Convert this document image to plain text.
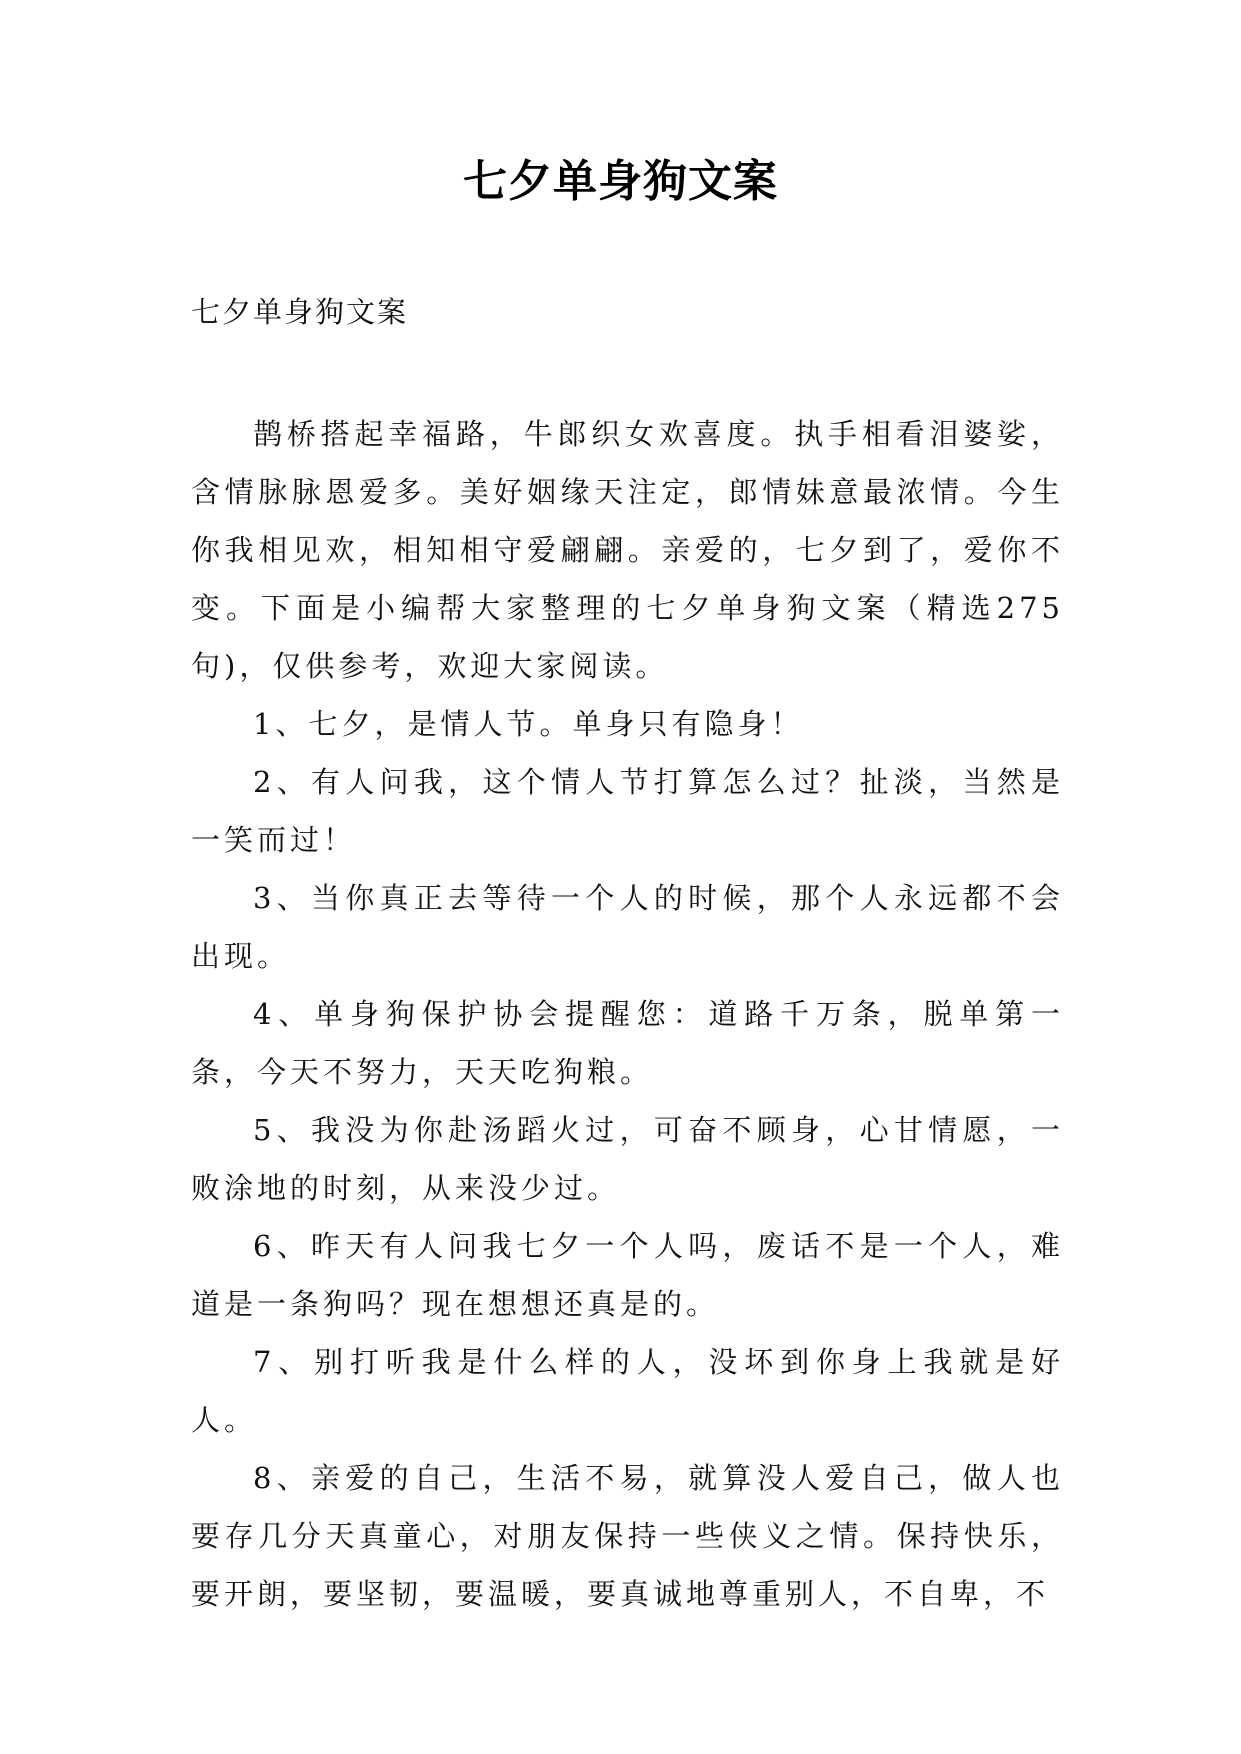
七夕单身狗文案

七夕单身狗文案

鹊桥搭起幸福路，牛郎织女欢喜度。执手相看泪婆娑，含情脉脉恩爱多。美好姻缘天注定，郎情妹意最浓情。今生你我相见欢，相知相守爱翩翩。亲爱的，七夕到了，爱你不变。下面是小编帮大家整理的七夕单身狗文案（精选275句)，仅供参考，欢迎大家阅读。

1、七夕，是情人节。单身只有隐身！

2、有人问我，这个情人节打算怎么过？扯淡，当然是一笑而过！

3、当你真正去等待一个人的时候，那个人永远都不会出现。

4、单身狗保护协会提醒您：道路千万条，脱单第一条，今天不努力，天天吃狗粮。

5、我没为你赴汤蹈火过，可奋不顾身，心甘情愿，一败涂地的时刻，从来没少过。

6、昨天有人问我七夕一个人吗，废话不是一个人，难道是一条狗吗？现在想想还真是的。

7、别打听我是什么样的人，没坏到你身上我就是好人。

8、亲爱的自己，生活不易，就算没人爱自己，做人也要存几分天真童心，对朋友保持一些侠义之情。保持快乐，要开朗，要坚韧，要温暖，要真诚地尊重别人，不自卑，不
